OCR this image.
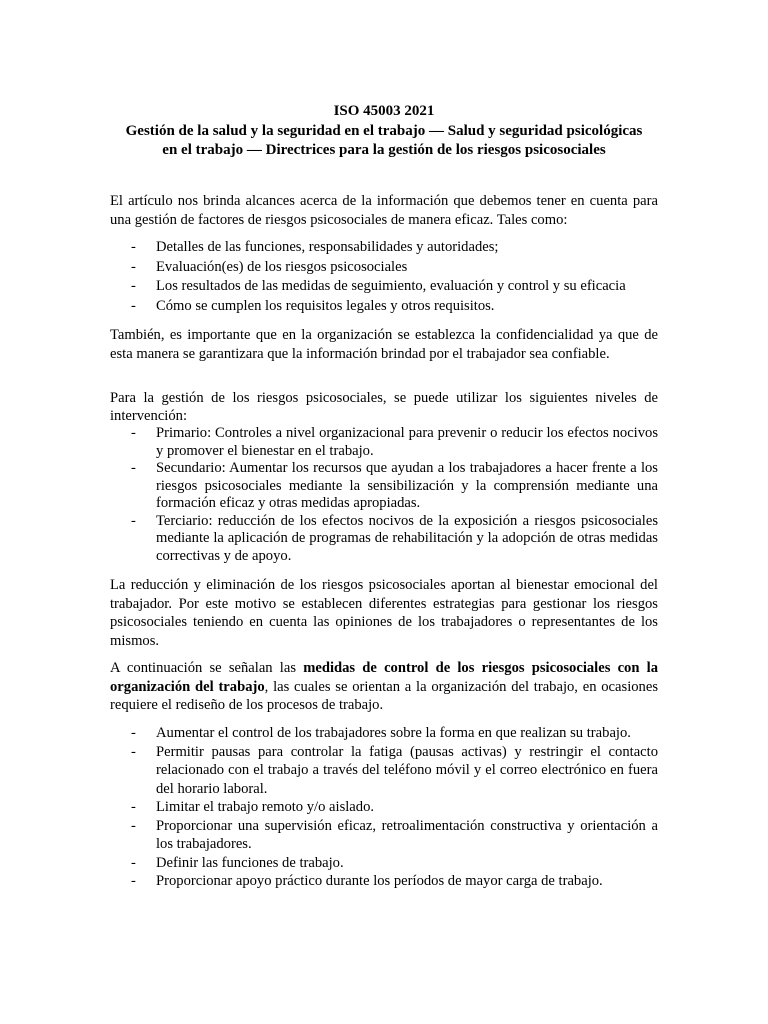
ISO 45003 2021
Gestión de la salud y la seguridad en el trabajo — Salud y seguridad psicológicas
en el trabajo — Directrices para la gestión de los riesgos psicosociales

El artículo nos brinda alcances acerca de la información que debemos tener en cuenta para una gestión de factores de riesgos psicosociales de manera eficaz. Tales como:

- Detalles de las funciones, responsabilidades y autoridades;
- Evaluación(es) de los riesgos psicosociales
- Los resultados de las medidas de seguimiento, evaluación y control y su eficacia
- Cómo se cumplen los requisitos legales y otros requisitos.

También, es importante que en la organización se establezca la confidencialidad ya que de esta manera se garantizara que la información brindad por el trabajador sea confiable.

Para la gestión de los riesgos psicosociales, se puede utilizar los siguientes niveles de intervención:

- Primario: Controles a nivel organizacional para prevenir o reducir los efectos nocivos y promover el bienestar en el trabajo.
- Secundario: Aumentar los recursos que ayudan a los trabajadores a hacer frente a los riesgos psicosociales mediante la sensibilización y la comprensión mediante una formación eficaz y otras medidas apropiadas.
- Terciario: reducción de los efectos nocivos de la exposición a riesgos psicosociales mediante la aplicación de programas de rehabilitación y la adopción de otras medidas correctivas y de apoyo.

La reducción y eliminación de los riesgos psicosociales aportan al bienestar emocional del trabajador. Por este motivo se establecen diferentes estrategias para gestionar los riesgos psicosociales teniendo en cuenta las opiniones de los trabajadores o representantes de los mismos.

A continuación se señalan las medidas de control de los riesgos psicosociales con la organización del trabajo, las cuales se orientan a la organización del trabajo, en ocasiones requiere el rediseño de los procesos de trabajo.

- Aumentar el control de los trabajadores sobre la forma en que realizan su trabajo.
- Permitir pausas para controlar la fatiga (pausas activas) y restringir el contacto relacionado con el trabajo a través del teléfono móvil y el correo electrónico en fuera del horario laboral.
- Limitar el trabajo remoto y/o aislado.
- Proporcionar una supervisión eficaz, retroalimentación constructiva y orientación a los trabajadores.
- Definir las funciones de trabajo.
- Proporcionar apoyo práctico durante los períodos de mayor carga de trabajo.
